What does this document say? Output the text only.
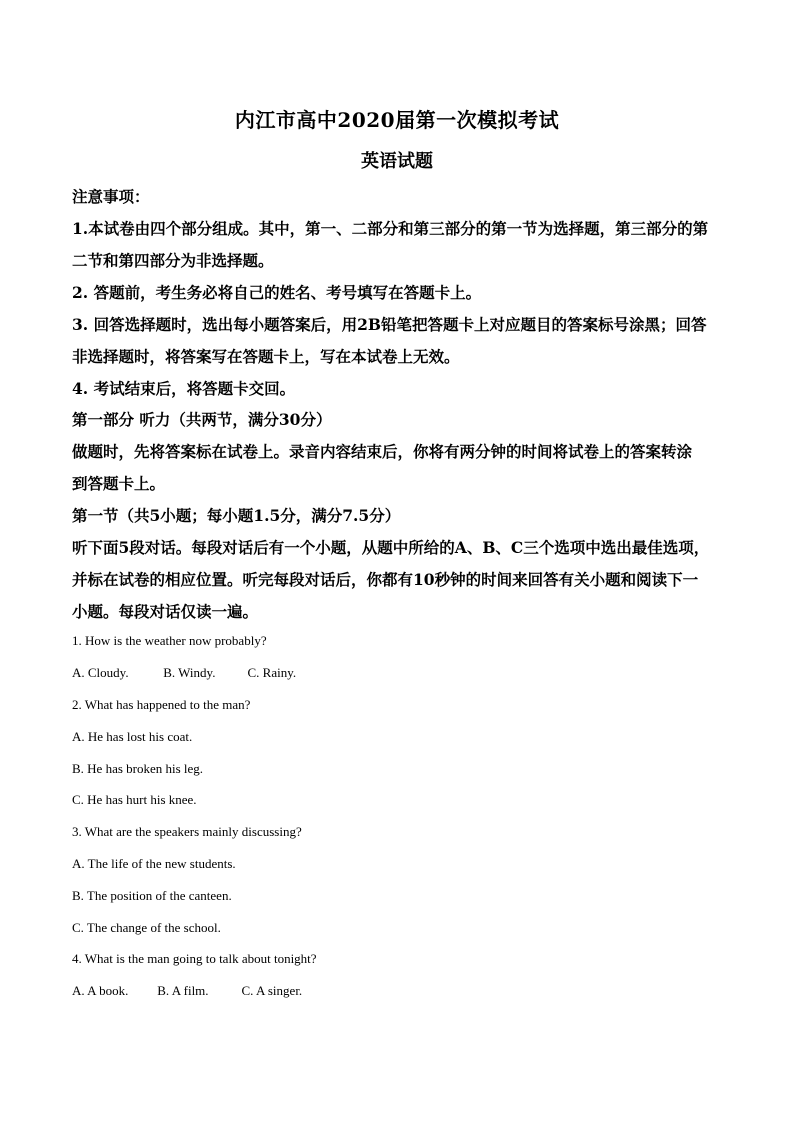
内江市高中2020届第一次模拟考试
英语试题
注意事项：
1.本试卷由四个部分组成。其中，第一、二部分和第三部分的第一节为选择题，第三部分的第
二节和第四部分为非选择题。
2. 答题前，考生务必将自己的姓名、考号填写在答题卡上。
3. 回答选择题时，选出每小题答案后，用2B铅笔把答题卡上对应题目的答案标号涂黑；回答
非选择题时，将答案写在答题卡上，写在本试卷上无效。
4. 考试结束后，将答题卡交回。
第一部分 听力（共两节，满分30分）
做题时，先将答案标在试卷上。录音内容结束后，你将有两分钟的时间将试卷上的答案转涂
到答题卡上。
第一节（共5小题；每小题1.5分，满分7.5分）
听下面5段对话。每段对话后有一个小题，从题中所给的A、B、C三个选项中选出最佳选项，
并标在试卷的相应位置。听完每段对话后，你都有10秒钟的时间来回答有关小题和阅读下一
小题。每段对话仅读一遍。
1. How is the weather now probably?
A. Cloudy.	B. Windy. C. Rainy.
2. What has happened to the man?
A. He has lost his coat.
B. He has broken his leg.
C. He has hurt his knee.
3. What are the speakers mainly discussing?
A. The life of the new students.
B. The position of the canteen.
C. The change of the school.
4. What is the man going to talk about tonight?
A. A book. B. A film.	C. A singer.
